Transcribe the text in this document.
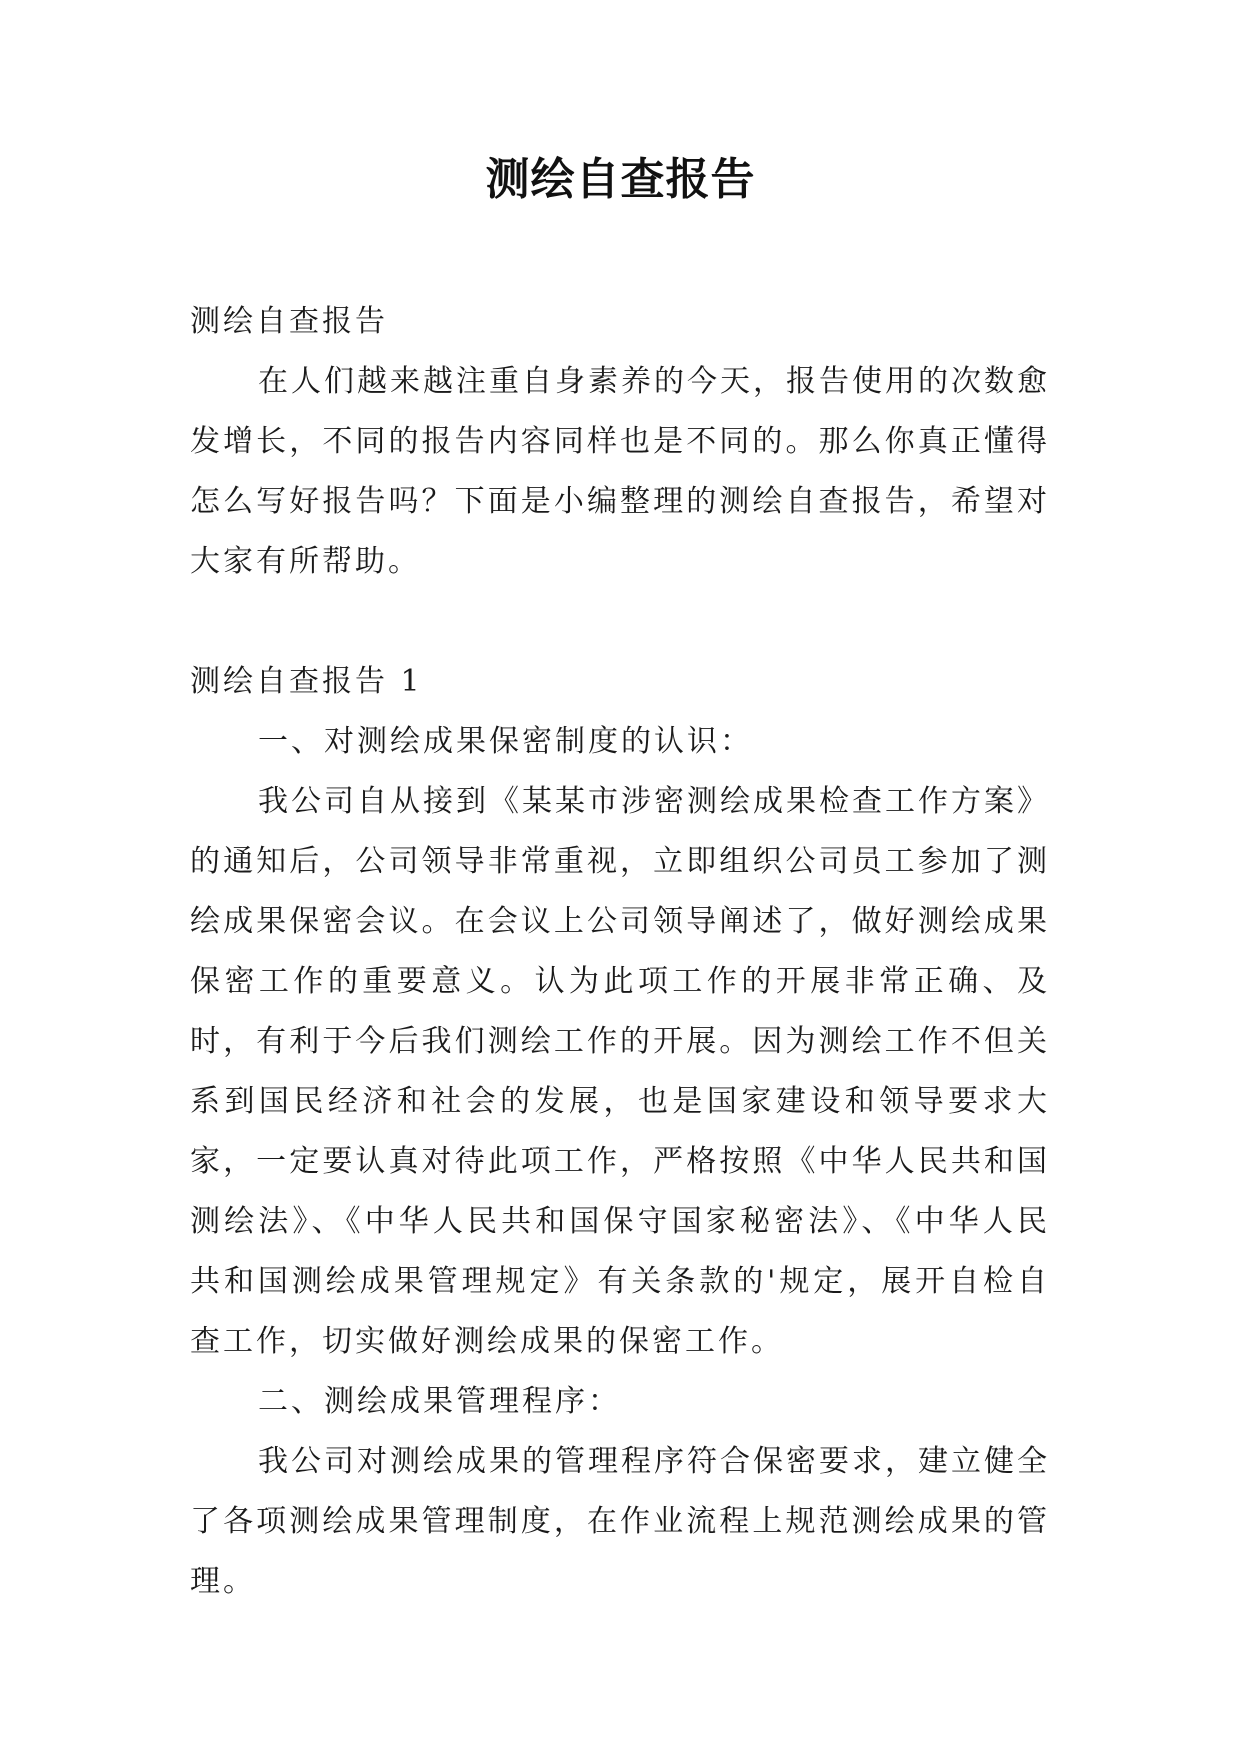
测绘自查报告

测绘自查报告

在人们越来越注重自身素养的今天，报告使用的次数愈发增长，不同的报告内容同样也是不同的。那么你真正懂得怎么写好报告吗？下面是小编整理的测绘自查报告，希望对大家有所帮助。

测绘自查报告 1

一、对测绘成果保密制度的认识：

我公司自从接到《某某市涉密测绘成果检查工作方案》的通知后，公司领导非常重视，立即组织公司员工参加了测绘成果保密会议。在会议上公司领导阐述了，做好测绘成果保密工作的重要意义。认为此项工作的开展非常正确、及时，有利于今后我们测绘工作的开展。因为测绘工作不但关系到国民经济和社会的发展，也是国家建设和领导要求大家，一定要认真对待此项工作，严格按照《中华人民共和国测绘法》、《中华人民共和国保守国家秘密法》、《中华人民共和国测绘成果管理规定》有关条款的'规定，展开自检自查工作，切实做好测绘成果的保密工作。

二、测绘成果管理程序：

我公司对测绘成果的管理程序符合保密要求，建立健全了各项测绘成果管理制度，在作业流程上规范测绘成果的管理。
